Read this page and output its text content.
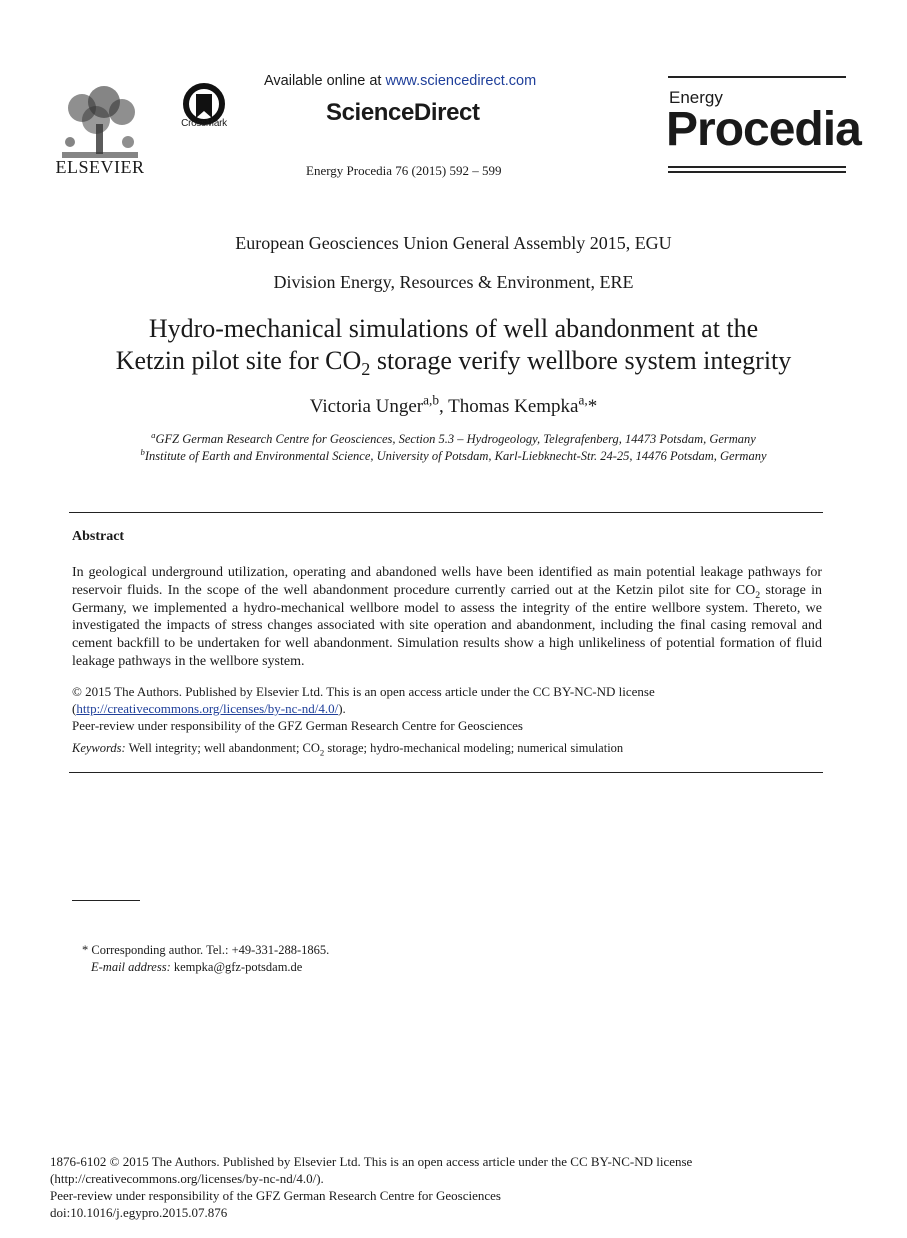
ELSEVIER
CrossMark
Available online at www.sciencedirect.com
ScienceDirect
Energy Procedia 76 (2015) 592 – 599
Energy
Procedia
European Geosciences Union General Assembly 2015, EGU
Division Energy, Resources & Environment, ERE
Hydro-mechanical simulations of well abandonment at the
Ketzin pilot site for $CO_2$ storage verify wellbore system integrity
Victoria Unger$^{a,b}$, Thomas Kempka$^{a,}$*
$^a$GFZ German Research Centre for Geosciences, Section 5.3 – Hydrogeology, Telegrafenberg, 14473 Potsdam, Germany
$^b$Institute of Earth and Environmental Science, University of Potsdam, Karl-Liebknecht-Str. 24-25, 14476 Potsdam, Germany
Abstract
In geological underground utilization, operating and abandoned wells have been identified as main potential leakage pathways for reservoir fluids. In the scope of the well abandonment procedure currently carried out at the Ketzin pilot site for $CO_2$ storage in Germany, we implemented a hydro-mechanical wellbore model to assess the integrity of the entire wellbore system. Thereto, we investigated the impacts of stress changes associated with site operation and abandonment, including the final casing removal and cement backfill to be undertaken for well abandonment. Simulation results show a high unlikeliness of potential formation of fluid leakage pathways in the wellbore system.
© 2015 The Authors. Published by Elsevier Ltd. This is an open access article under the CC BY-NC-ND license
(http://creativecommons.org/licenses/by-nc-nd/4.0/).
Peer-review under responsibility of the GFZ German Research Centre for Geosciences
Keywords: Well integrity; well abandonment; $CO_2$ storage; hydro-mechanical modeling; numerical simulation
* Corresponding author. Tel.: +49-331-288-1865.
E-mail address: kempka@gfz-potsdam.de
1876-6102 © 2015 The Authors. Published by Elsevier Ltd. This is an open access article under the CC BY-NC-ND license
(http://creativecommons.org/licenses/by-nc-nd/4.0/).
Peer-review under responsibility of the GFZ German Research Centre for Geosciences
doi:10.1016/j.egypro.2015.07.876
